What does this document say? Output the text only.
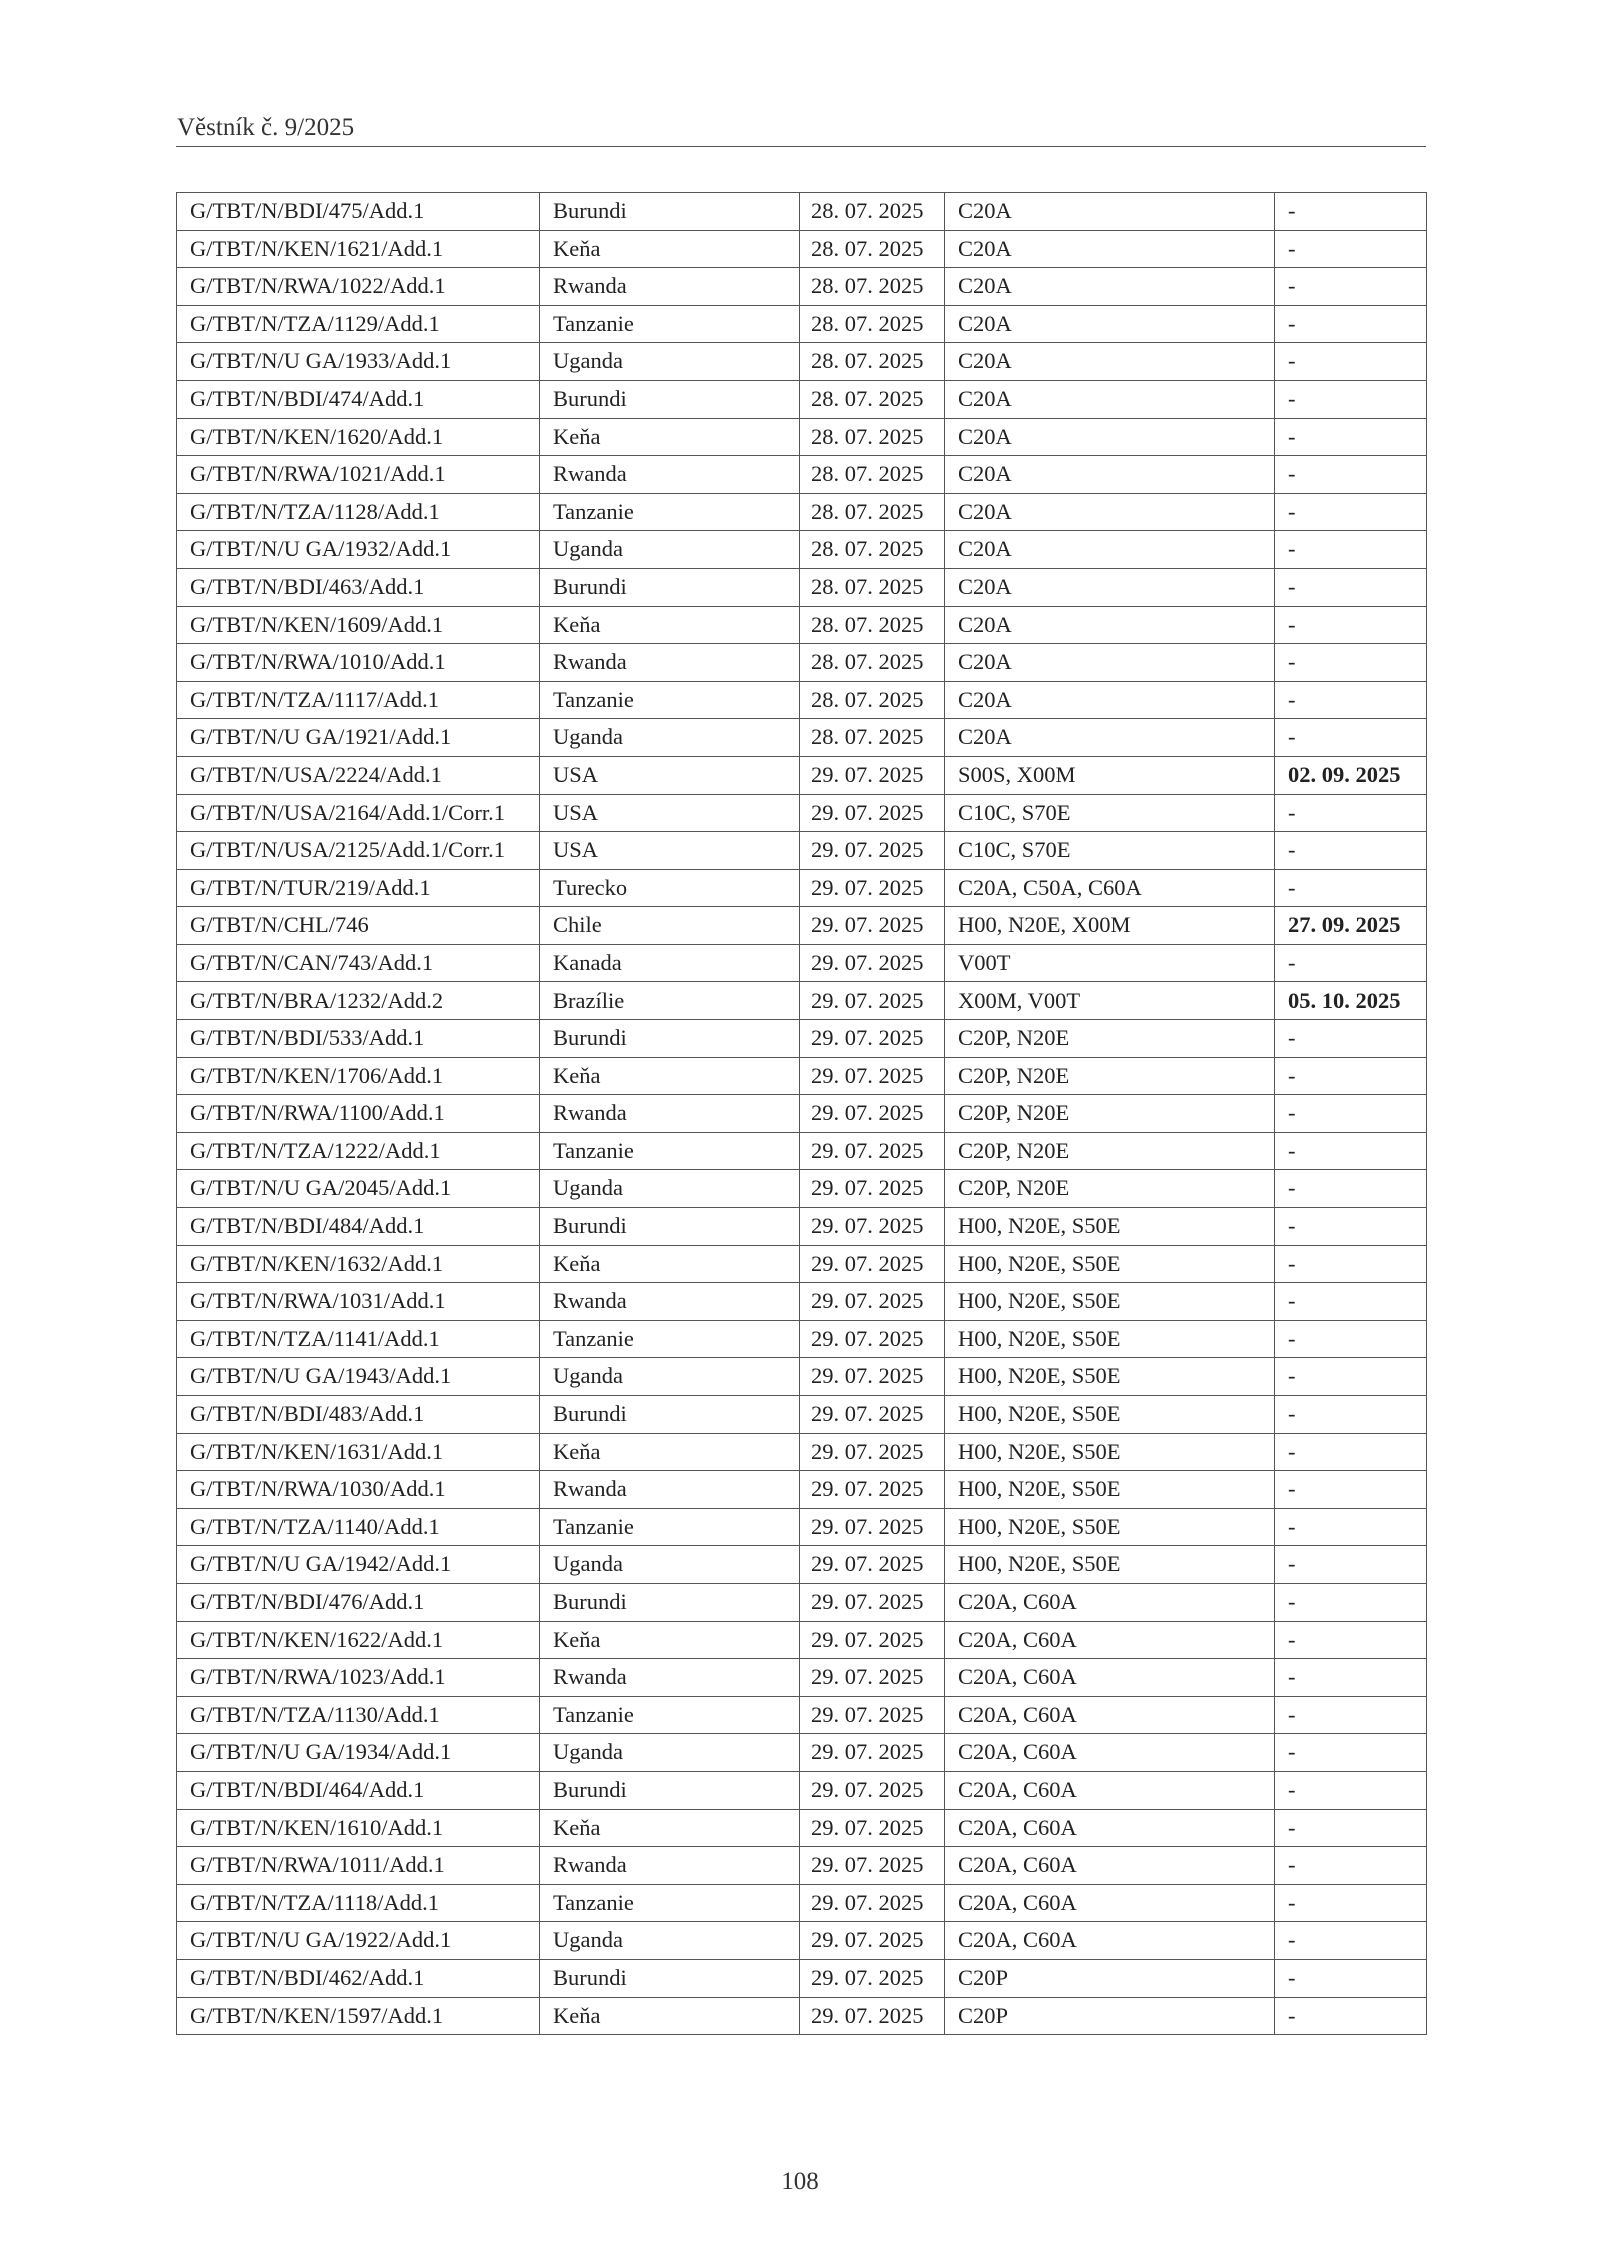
Věstník č. 9/2025
G/TBT/N/BDI/475/Add.1	Burundi	28. 07. 2025	C20A	-
G/TBT/N/KEN/1621/Add.1	Keňa	28. 07. 2025	C20A	-
G/TBT/N/RWA/1022/Add.1	Rwanda	28. 07. 2025	C20A	-
G/TBT/N/TZA/1129/Add.1	Tanzanie	28. 07. 2025	C20A	-
G/TBT/N/U GA/1933/Add.1	Uganda	28. 07. 2025	C20A	-
G/TBT/N/BDI/474/Add.1	Burundi	28. 07. 2025	C20A	-
G/TBT/N/KEN/1620/Add.1	Keňa	28. 07. 2025	C20A	-
G/TBT/N/RWA/1021/Add.1	Rwanda	28. 07. 2025	C20A	-
G/TBT/N/TZA/1128/Add.1	Tanzanie	28. 07. 2025	C20A	-
G/TBT/N/U GA/1932/Add.1	Uganda	28. 07. 2025	C20A	-
G/TBT/N/BDI/463/Add.1	Burundi	28. 07. 2025	C20A	-
G/TBT/N/KEN/1609/Add.1	Keňa	28. 07. 2025	C20A	-
G/TBT/N/RWA/1010/Add.1	Rwanda	28. 07. 2025	C20A	-
G/TBT/N/TZA/1117/Add.1	Tanzanie	28. 07. 2025	C20A	-
G/TBT/N/U GA/1921/Add.1	Uganda	28. 07. 2025	C20A	-
G/TBT/N/USA/2224/Add.1	USA	29. 07. 2025	S00S, X00M	02. 09. 2025
G/TBT/N/USA/2164/Add.1/Corr.1	USA	29. 07. 2025	C10C, S70E	-
G/TBT/N/USA/2125/Add.1/Corr.1	USA	29. 07. 2025	C10C, S70E	-
G/TBT/N/TUR/219/Add.1	Turecko	29. 07. 2025	C20A, C50A, C60A	-
G/TBT/N/CHL/746	Chile	29. 07. 2025	H00, N20E, X00M	27. 09. 2025
G/TBT/N/CAN/743/Add.1	Kanada	29. 07. 2025	V00T	-
G/TBT/N/BRA/1232/Add.2	Brazílie	29. 07. 2025	X00M, V00T	05. 10. 2025
G/TBT/N/BDI/533/Add.1	Burundi	29. 07. 2025	C20P, N20E	-
G/TBT/N/KEN/1706/Add.1	Keňa	29. 07. 2025	C20P, N20E	-
G/TBT/N/RWA/1100/Add.1	Rwanda	29. 07. 2025	C20P, N20E	-
G/TBT/N/TZA/1222/Add.1	Tanzanie	29. 07. 2025	C20P, N20E	-
G/TBT/N/U GA/2045/Add.1	Uganda	29. 07. 2025	C20P, N20E	-
G/TBT/N/BDI/484/Add.1	Burundi	29. 07. 2025	H00, N20E, S50E	-
G/TBT/N/KEN/1632/Add.1	Keňa	29. 07. 2025	H00, N20E, S50E	-
G/TBT/N/RWA/1031/Add.1	Rwanda	29. 07. 2025	H00, N20E, S50E	-
G/TBT/N/TZA/1141/Add.1	Tanzanie	29. 07. 2025	H00, N20E, S50E	-
G/TBT/N/U GA/1943/Add.1	Uganda	29. 07. 2025	H00, N20E, S50E	-
G/TBT/N/BDI/483/Add.1	Burundi	29. 07. 2025	H00, N20E, S50E	-
G/TBT/N/KEN/1631/Add.1	Keňa	29. 07. 2025	H00, N20E, S50E	-
G/TBT/N/RWA/1030/Add.1	Rwanda	29. 07. 2025	H00, N20E, S50E	-
G/TBT/N/TZA/1140/Add.1	Tanzanie	29. 07. 2025	H00, N20E, S50E	-
G/TBT/N/U GA/1942/Add.1	Uganda	29. 07. 2025	H00, N20E, S50E	-
G/TBT/N/BDI/476/Add.1	Burundi	29. 07. 2025	C20A, C60A	-
G/TBT/N/KEN/1622/Add.1	Keňa	29. 07. 2025	C20A, C60A	-
G/TBT/N/RWA/1023/Add.1	Rwanda	29. 07. 2025	C20A, C60A	-
G/TBT/N/TZA/1130/Add.1	Tanzanie	29. 07. 2025	C20A, C60A	-
G/TBT/N/U GA/1934/Add.1	Uganda	29. 07. 2025	C20A, C60A	-
G/TBT/N/BDI/464/Add.1	Burundi	29. 07. 2025	C20A, C60A	-
G/TBT/N/KEN/1610/Add.1	Keňa	29. 07. 2025	C20A, C60A	-
G/TBT/N/RWA/1011/Add.1	Rwanda	29. 07. 2025	C20A, C60A	-
G/TBT/N/TZA/1118/Add.1	Tanzanie	29. 07. 2025	C20A, C60A	-
G/TBT/N/U GA/1922/Add.1	Uganda	29. 07. 2025	C20A, C60A	-
G/TBT/N/BDI/462/Add.1	Burundi	29. 07. 2025	C20P	-
G/TBT/N/KEN/1597/Add.1	Keňa	29. 07. 2025	C20P	-
108
